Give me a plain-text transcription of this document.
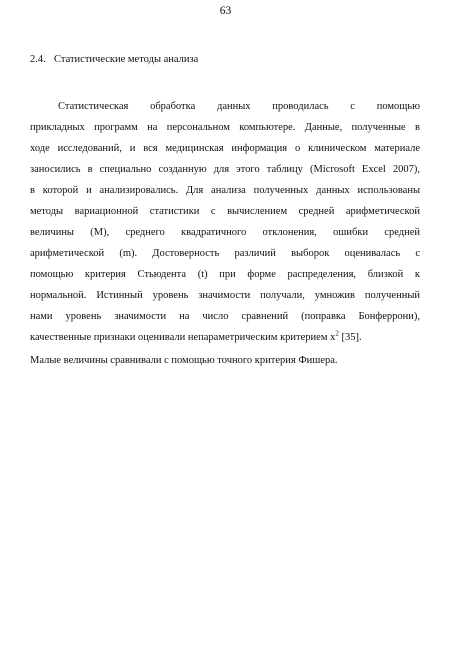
63
2.4. Статистические методы анализа
Статистическая обработка данных проводилась с помощью
прикладных программ на персональном компьютере. Данные, полученные в
ходе исследований, и вся медицинская информация о клиническом материале
заносились в специально созданную для этого таблицу (Microsoft Excel 2007),
в которой и анализировались. Для анализа полученных данных использованы
методы вариационной статистики с вычислением средней арифметической
величины (М), среднего квадратичного отклонения, ошибки средней
арифметической (m). Достоверность различий выборок оценивалась с
помощью критерия Стьюдента (t) при форме распределения, близкой к
нормальной. Истинный уровень значимости получали, умножив полученный
нами уровень значимости на число сравнений (поправка Бонферрони),
качественные признаки оценивали непараметрическим критерием $x^2$ [35].
Малые величины сравнивали с помощью точного критерия Фишера.
